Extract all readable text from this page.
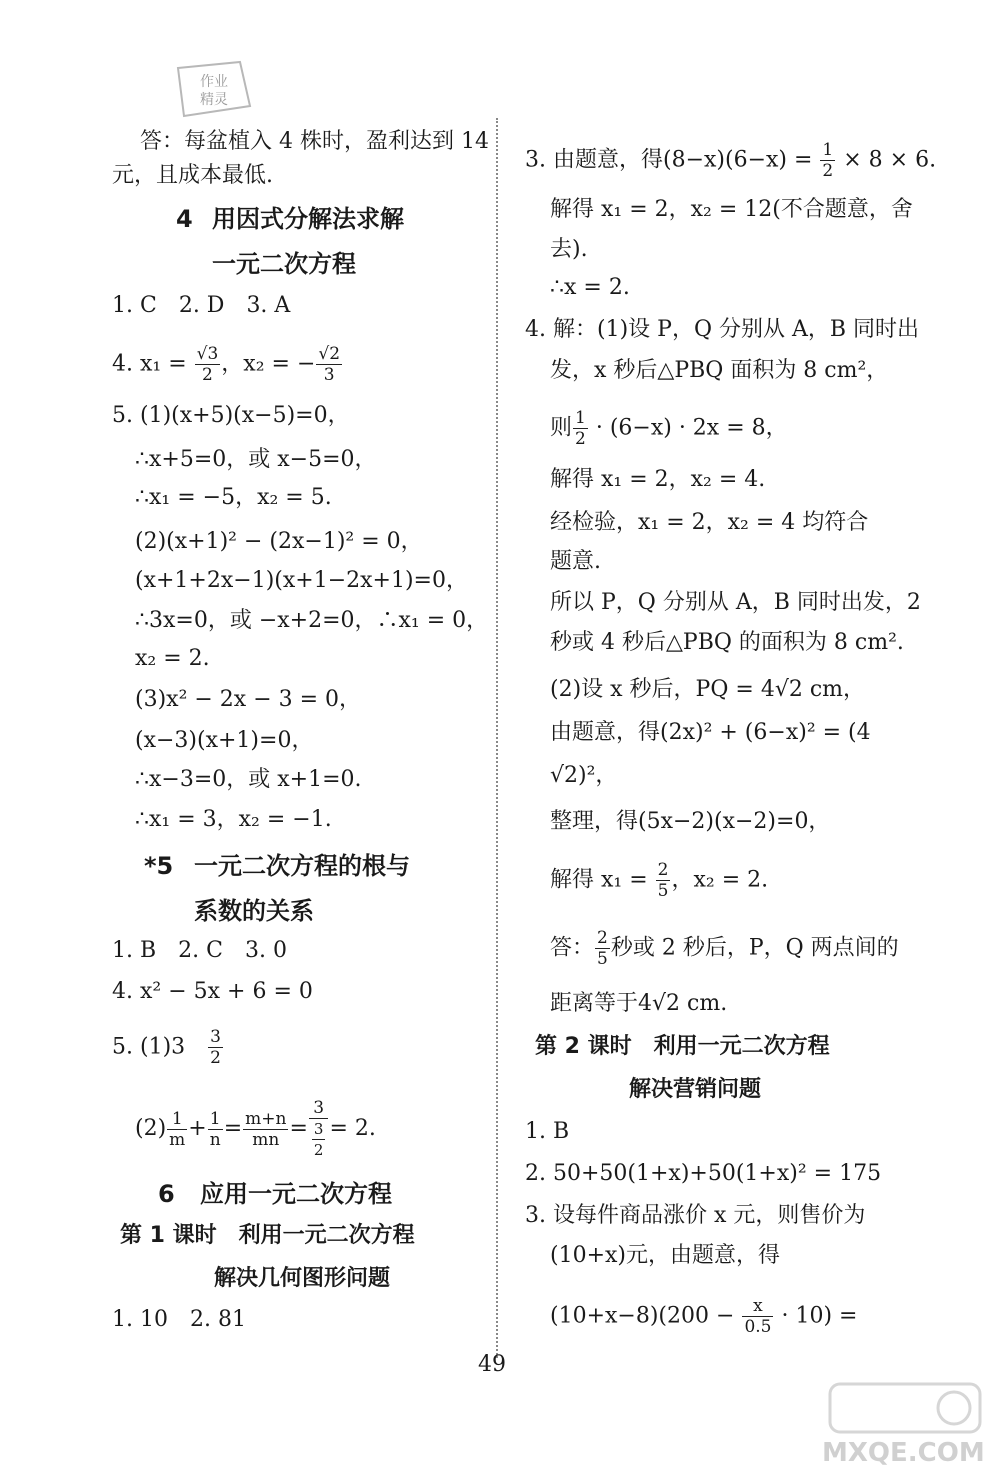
作业
精灵
答：每盆植入 4 株时，盈利达到 14
元，且成本最低.
4 用因式分解法求解
一元二次方程
1. C　2. D　3. A
4. $x_1 = \frac{√3}{2}$ ，x₂ = − $\frac{√2}{3}$
5. (1)(x+5)(x−5)=0，
∴x+5=0，或 x−5=0，
∴x₁ = −5，x₂ = 5.
(2)(x+1)² − (2x−1)² = 0，
(x+1+2x−1)(x+1−2x+1)=0，
∴3x=0，或 −x+2=0，∴x₁ = 0，
x₂ = 2.
(3)x² − 2x − 3 = 0，
(x−3)(x+1)=0，
∴x−3=0，或 x+1=0.
∴x₁ = 3，x₂ = −1.
*5 一元二次方程的根与
系数的关系
1. B　2. C　3. 0
4. x² − 5x + 6 = 0
5. (1)3　 $\frac{3}{2}$
$(2) \frac{1}{m} + \frac{1}{n} = \frac{m+n}{mn} = \frac{3}{\frac{3}{2}} = 2$.
6 应用一元二次方程
第 1 课时　利用一元二次方程
解决几何图形问题
1. 10　2. 81
3. 由题意，得$(8-x)(6-x) = \frac{1}{2} \times 8 \times 6$.
解得 x₁ = 2，x₂ = 12(不合题意，舍
去).
∴x = 2.
4. 解：(1)设 P，Q 分别从 A，B 同时出
发，x 秒后△PBQ 面积为 8 cm²，
则 $\frac{1}{2} \cdot (6-x) \cdot 2x = 8$，
解得 x₁ = 2，x₂ = 4.
经检验，x₁ = 2，x₂ = 4 均符合
题意.
所以 P，Q 分别从 A，B 同时出发，2
秒或 4 秒后△PBQ 的面积为 8 cm².
(2)设 x 秒后，PQ = 4√2 cm，
由题意，得(2x)² + (6−x)² = (4
√2)²，
整理，得(5x−2)(x−2)=0，
解得 $x_1 = \frac{2}{5}$ ，x₂ = 2.
答： $\frac{2}{5}$ 秒或 2 秒后，P，Q 两点间的
距离等于4√2 cm.
第 2 课时　利用一元二次方程
解决营销问题
1. B
2. 50+50(1+x)+50(1+x)² = 175
3. 设每件商品涨价 x 元，则售价为
(10+x)元，由题意，得
$(10+x-8)(200 - \frac{x}{0.5} \cdot 10)$ =
49
MXQE.COM
